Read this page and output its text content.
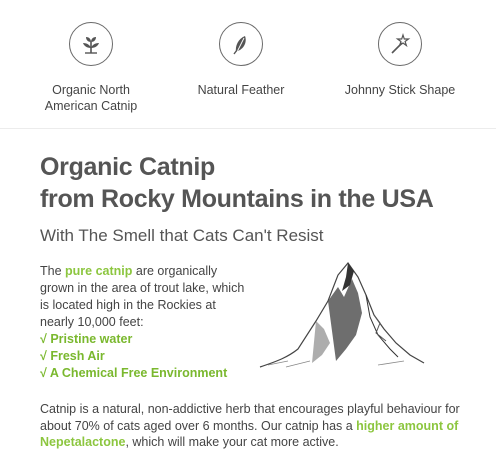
Organic North
American Catnip
Natural Feather	Johnny Stick Shape
Organic Catnip
from Rocky Mountains in the USA
With The Smell that Cats Can't Resist
The pure catnip are organically grown in the area of trout lake, which is located high in the Rockies at nearly 10,000 feet:
√ Pristine water
√ Fresh Air
√ A Chemical Free Environment
Catnip is a natural, non-addictive herb that encourages playful behaviour for about 70% of cats aged over 6 months. Our catnip has a higher amount of Nepetalactone, which will make your cat more active.
